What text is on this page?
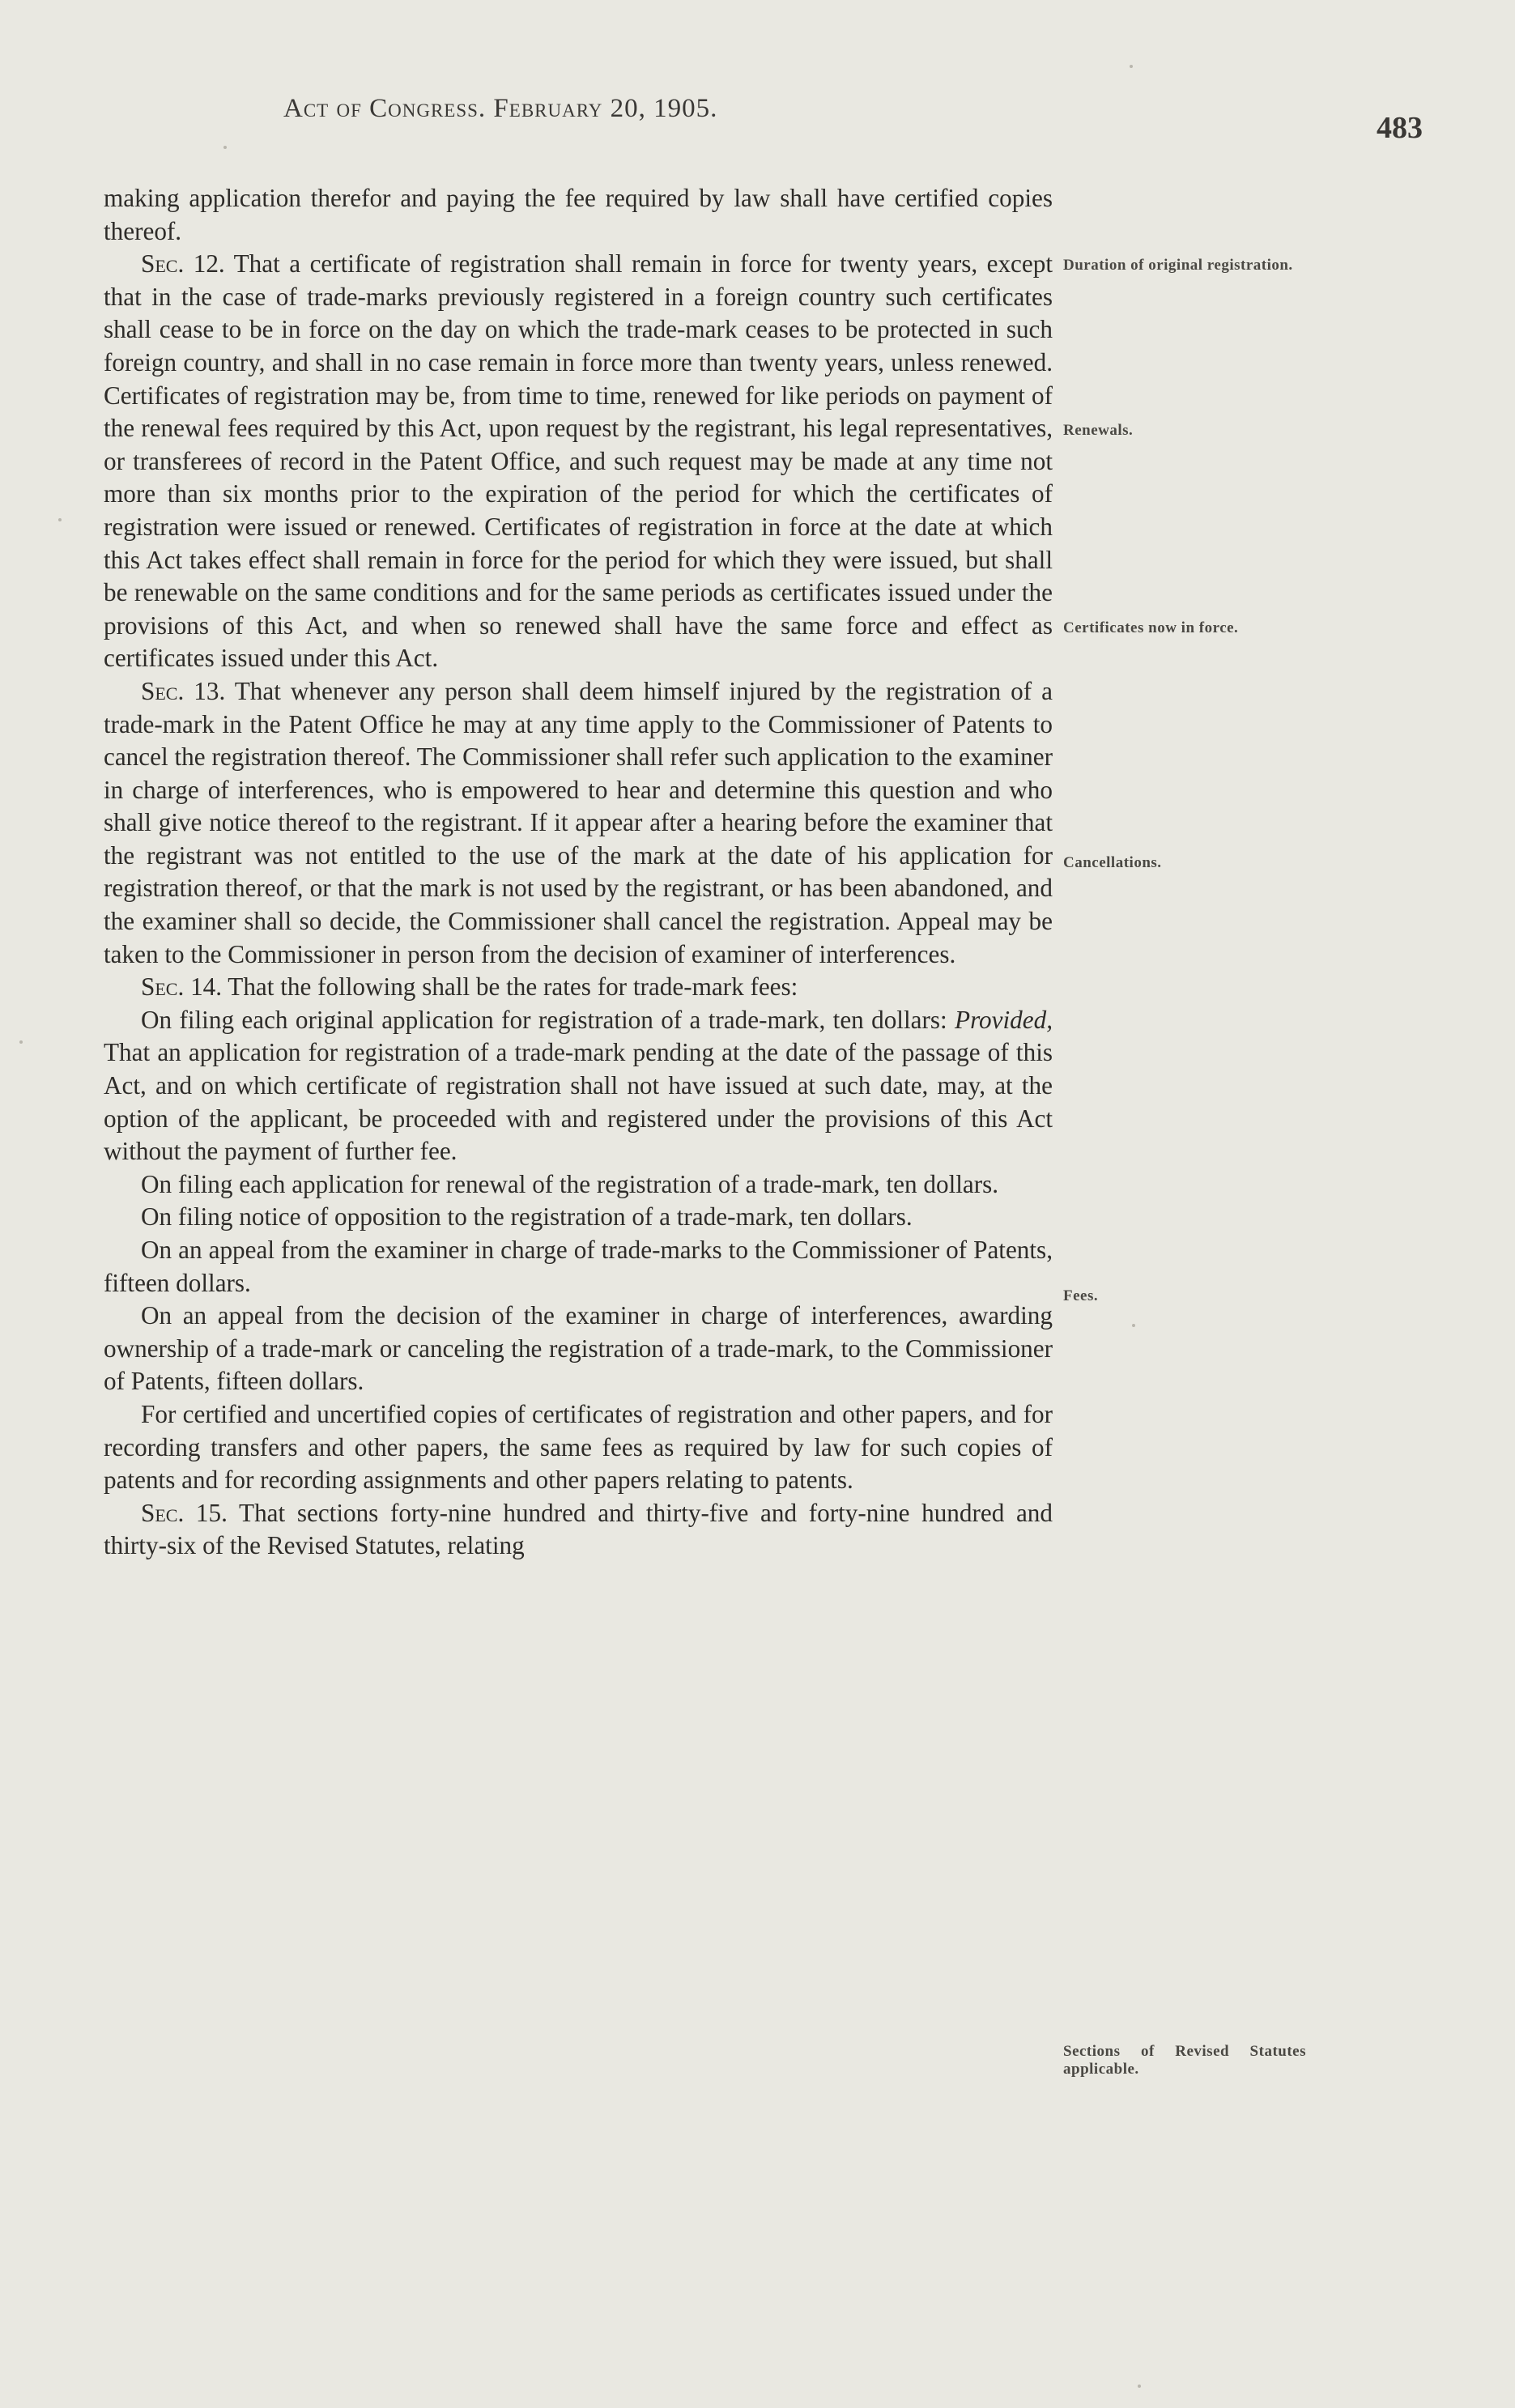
Act of Congress. February 20, 1905.
483

making application therefor and paying the fee required by law shall have certified copies thereof.

Sec. 12. That a certificate of registration shall remain in force for twenty years, except that in the case of trade-marks previously registered in a foreign country such certificates shall cease to be in force on the day on which the trade-mark ceases to be protected in such foreign country, and shall in no case remain in force more than twenty years, unless renewed. Certificates of registration may be, from time to time, renewed for like periods on payment of the renewal fees required by this Act, upon request by the registrant, his legal representatives, or transferees of record in the Patent Office, and such request may be made at any time not more than six months prior to the expiration of the period for which the certificates of registration were issued or renewed. Certificates of registration in force at the date at which this Act takes effect shall remain in force for the period for which they were issued, but shall be renewable on the same conditions and for the same periods as certificates issued under the provisions of this Act, and when so renewed shall have the same force and effect as certificates issued under this Act.

Sec. 13. That whenever any person shall deem himself injured by the registration of a trade-mark in the Patent Office he may at any time apply to the Commissioner of Patents to cancel the registration thereof. The Commissioner shall refer such application to the examiner in charge of interferences, who is empowered to hear and determine this question and who shall give notice thereof to the registrant. If it appear after a hearing before the examiner that the registrant was not entitled to the use of the mark at the date of his application for registration thereof, or that the mark is not used by the registrant, or has been abandoned, and the examiner shall so decide, the Commissioner shall cancel the registration. Appeal may be taken to the Commissioner in person from the decision of examiner of interferences.

Sec. 14. That the following shall be the rates for trade-mark fees:

On filing each original application for registration of a trade-mark, ten dollars: Provided, That an application for registration of a trade-mark pending at the date of the passage of this Act, and on which certificate of registration shall not have issued at such date, may, at the option of the applicant, be proceeded with and registered under the provisions of this Act without the payment of further fee.

On filing each application for renewal of the registration of a trade-mark, ten dollars.

On filing notice of opposition to the registration of a trade-mark, ten dollars.

On an appeal from the examiner in charge of trade-marks to the Commissioner of Patents, fifteen dollars.

On an appeal from the decision of the examiner in charge of interferences, awarding ownership of a trade-mark or canceling the registration of a trade-mark, to the Commissioner of Patents, fifteen dollars.

For certified and uncertified copies of certificates of registration and other papers, and for recording transfers and other papers, the same fees as required by law for such copies of patents and for recording assignments and other papers relating to patents.

Sec. 15. That sections forty-nine hundred and thirty-five and forty-nine hundred and thirty-six of the Revised Statutes, relating

Duration of original registration.
Renewals.
Certificates now in force.
Cancellations.
Fees.
Sections of Revised Statutes applicable.
